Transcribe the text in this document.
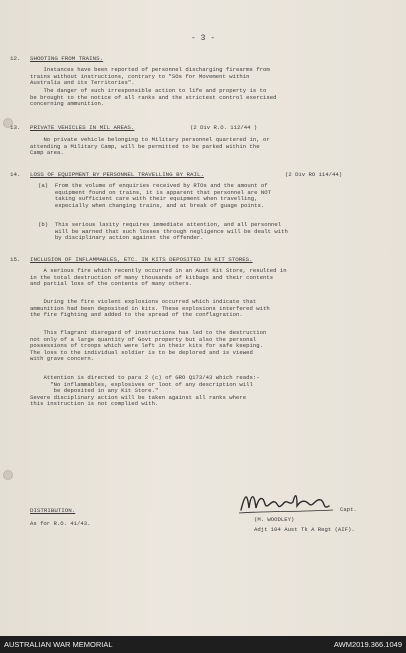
- 3 -
12. SHOOTING FROM TRAINS.
Instances have been reported of personnel discharging firearms from
trains without instructions, contrary to "SOs for Movement within
Australia and its Territories".
The danger of such irresponsible action to life and property is to
be brought to the notice of all ranks and the strictest control exercised
concerning ammunition.
13. PRIVATE VEHICLES IN MIL AREAS.	(2 Div R.O. 112/44 )
No private vehicle belonging to Military personnel quartered in, or
attending a Military Camp, will be permitted to be parked within the
Camp area.
14. LOSS OF EQUIPMENT BY PERSONNEL TRAVELLING BY RAIL.	(2 Div RO 114/44)
(a)  From the volume of enquiries received by RTOs and the amount of
equipment found on trains, it is apparent that personnel are NOT
taking sufficient care with their equipment when travelling,
especially when changing trains, and at break of guage points.
(b)  This serious laxity requires immediate attention, and all personnel
will be warned that such losses through negligence will be dealt with
by disciplinary action against the offender.
15. INCLUSION OF INFLAMMABLES, ETC. IN KITS DEPOSITED IN KIT STORES.
A serious fire which recently occurred in an Aust Kit Store, resulted in
in the total destruction of many thousands of kitbags and their contents
and partial loss of the contents of many others.
During the fire violent explosions occurred which indicate that
ammunition had been deposited in kits. These explosions interfered with
the fire fighting and added to the spread of the conflagration.
This flagrant disregard of instructions has led to the destruction
not only of a large quantity of Govt property but also the personal
possessions of troops which were left in their kits for safe keeping.
The loss to the individual soldier is to be deplored and is viewed
with grave concern.
Attention is directed to para 2 (c) of GRO Q173/43 which reads:-
"No inflammables, explosives or loot of any description will
be deposited in any Kit Store."
Severe disciplinary action will be taken against all ranks where
this instruction is not complied with.
Capt.
(M. WOODLEY)
Adjt 104 Aust Tk A Regt (AIF).
DISTRIBUTION.
As for R.O. 41/43.
AUSTRALIAN WAR MEMORIAL	AWM2019.366.1049
